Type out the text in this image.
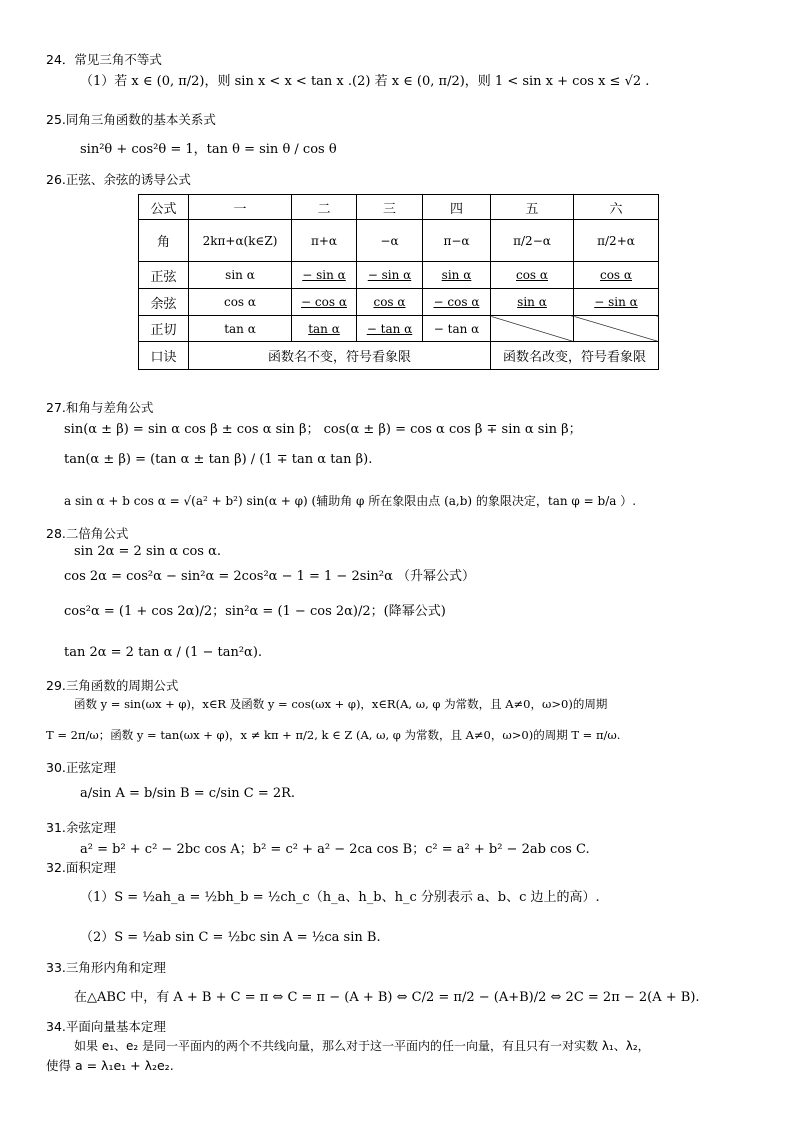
24．常见三角不等式
（1）若 x ∈ (0, π/2)，则 sin x < x < tan x .(2) 若 x ∈ (0, π/2)，则 1 < sin x + cos x ≤ √2 .
25.同角三角函数的基本关系式
sin²θ + cos²θ = 1，tan θ = sin θ / cos θ
26.正弦、余弦的诱导公式
公式	一	二	三	四	五	六
角	2kπ+α(k∈Z)	π+α	−α	π−α	π/2−α	π/2+α
正弦	sin α	− sin α	− sin α	sin α	cos α	cos α
余弦	cos α	− cos α	cos α	− cos α	sin α	− sin α
正切	tan α	tan α	− tan α	− tan α		
口诀	函数名不变，符号看象限				函数名改变，符号看象限	
27.和角与差角公式
sin(α ± β) = sin α cos β ± cos α sin β； cos(α ± β) = cos α cos β ∓ sin α sin β；
tan(α ± β) = (tan α ± tan β) / (1 ∓ tan α tan β).
a sin α + b cos α = √(a² + b²) sin(α + φ) (辅助角 φ 所在象限由点 (a,b) 的象限决定，tan φ = b/a ）.
28.二倍角公式
sin 2α = 2 sin α cos α.
cos 2α = cos²α − sin²α = 2cos²α − 1 = 1 − 2sin²α （升幂公式）
cos²α = (1 + cos 2α)/2；sin²α = (1 − cos 2α)/2；(降幂公式)
tan 2α = 2 tan α / (1 − tan²α).
29.三角函数的周期公式
函数 y = sin(ωx + φ)，x∈R 及函数 y = cos(ωx + φ)，x∈R(A, ω, φ 为常数，且 A≠0，ω>0)的周期
T = 2π/ω；函数 y = tan(ωx + φ)，x ≠ kπ + π/2, k ∈ Z (A, ω, φ 为常数，且 A≠0，ω>0)的周期 T = π/ω.
30.正弦定理
a/sin A = b/sin B = c/sin C = 2R.
31.余弦定理
a² = b² + c² − 2bc cos A；b² = c² + a² − 2ca cos B；c² = a² + b² − 2ab cos C.
32.面积定理
（1）S = ½ah_a = ½bh_b = ½ch_c（h_a、h_b、h_c 分别表示 a、b、c 边上的高）.
（2）S = ½ab sin C = ½bc sin A = ½ca sin B.
33.三角形内角和定理
在△ABC 中，有 A + B + C = π ⇔ C = π − (A + B) ⇔ C/2 = π/2 − (A+B)/2 ⇔ 2C = 2π − 2(A + B).
34.平面向量基本定理
如果 e₁、e₂ 是同一平面内的两个不共线向量，那么对于这一平面内的任一向量，有且只有一对实数 λ₁、λ₂，
使得 a = λ₁e₁ + λ₂e₂.
